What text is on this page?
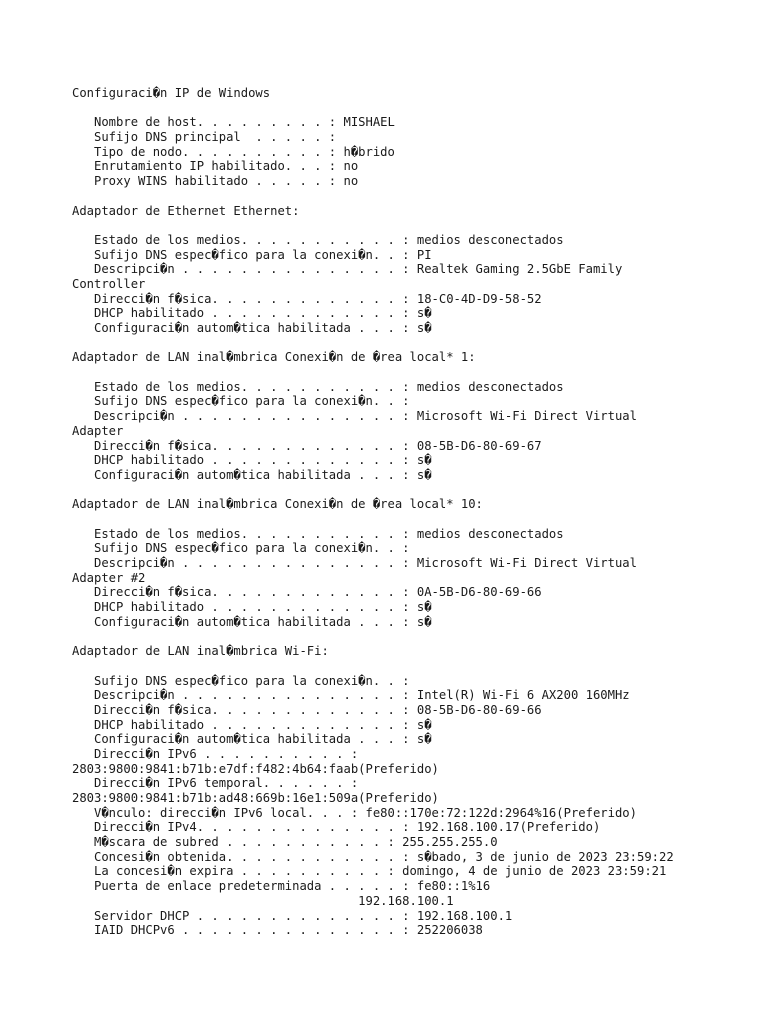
Configuraci�n IP de Windows
Nombre de host. . . . . . . . . : MISHAEL
Sufijo DNS principal  . . . . . :
Tipo de nodo. . . . . . . . . . : h�brido
Enrutamiento IP habilitado. . . : no
Proxy WINS habilitado . . . . . : no
Adaptador de Ethernet Ethernet:
Estado de los medios. . . . . . . . . . . : medios desconectados
Sufijo DNS espec�fico para la conexi�n. . : PI
Descripci�n . . . . . . . . . . . . . . . : Realtek Gaming 2.5GbE Family
Controller
Direcci�n f�sica. . . . . . . . . . . . . : 18-C0-4D-D9-58-52
DHCP habilitado . . . . . . . . . . . . . : s�
Configuraci�n autom�tica habilitada . . . : s�
Adaptador de LAN inal�mbrica Conexi�n de �rea local* 1:
Estado de los medios. . . . . . . . . . . : medios desconectados
Sufijo DNS espec�fico para la conexi�n. . :
Descripci�n . . . . . . . . . . . . . . . : Microsoft Wi-Fi Direct Virtual
Adapter
Direcci�n f�sica. . . . . . . . . . . . . : 08-5B-D6-80-69-67
DHCP habilitado . . . . . . . . . . . . . : s�
Configuraci�n autom�tica habilitada . . . : s�
Adaptador de LAN inal�mbrica Conexi�n de �rea local* 10:
Estado de los medios. . . . . . . . . . . : medios desconectados
Sufijo DNS espec�fico para la conexi�n. . :
Descripci�n . . . . . . . . . . . . . . . : Microsoft Wi-Fi Direct Virtual
Adapter #2
Direcci�n f�sica. . . . . . . . . . . . . : 0A-5B-D6-80-69-66
DHCP habilitado . . . . . . . . . . . . . : s�
Configuraci�n autom�tica habilitada . . . : s�
Adaptador de LAN inal�mbrica Wi-Fi:
Sufijo DNS espec�fico para la conexi�n. . :
Descripci�n . . . . . . . . . . . . . . . : Intel(R) Wi-Fi 6 AX200 160MHz
Direcci�n f�sica. . . . . . . . . . . . . : 08-5B-D6-80-69-66
DHCP habilitado . . . . . . . . . . . . . : s�
Configuraci�n autom�tica habilitada . . . : s�
Direcci�n IPv6 . . . . . . . . . . :
2803:9800:9841:b71b:e7df:f482:4b64:faab(Preferido)
Direcci�n IPv6 temporal. . . . . . :
2803:9800:9841:b71b:ad48:669b:16e1:509a(Preferido)
V�nculo: direcci�n IPv6 local. . . : fe80::170e:72:122d:2964%16(Preferido)
Direcci�n IPv4. . . . . . . . . . . . . . : 192.168.100.17(Preferido)
M�scara de subred . . . . . . . . . . . : 255.255.255.0
Concesi�n obtenida. . . . . . . . . . . . : s�bado, 3 de junio de 2023 23:59:22
La concesi�n expira . . . . . . . . . . : domingo, 4 de junio de 2023 23:59:21
Puerta de enlace predeterminada . . . . . : fe80::1%16
192.168.100.1
Servidor DHCP . . . . . . . . . . . . . . : 192.168.100.1
IAID DHCPv6 . . . . . . . . . . . . . . . : 252206038
